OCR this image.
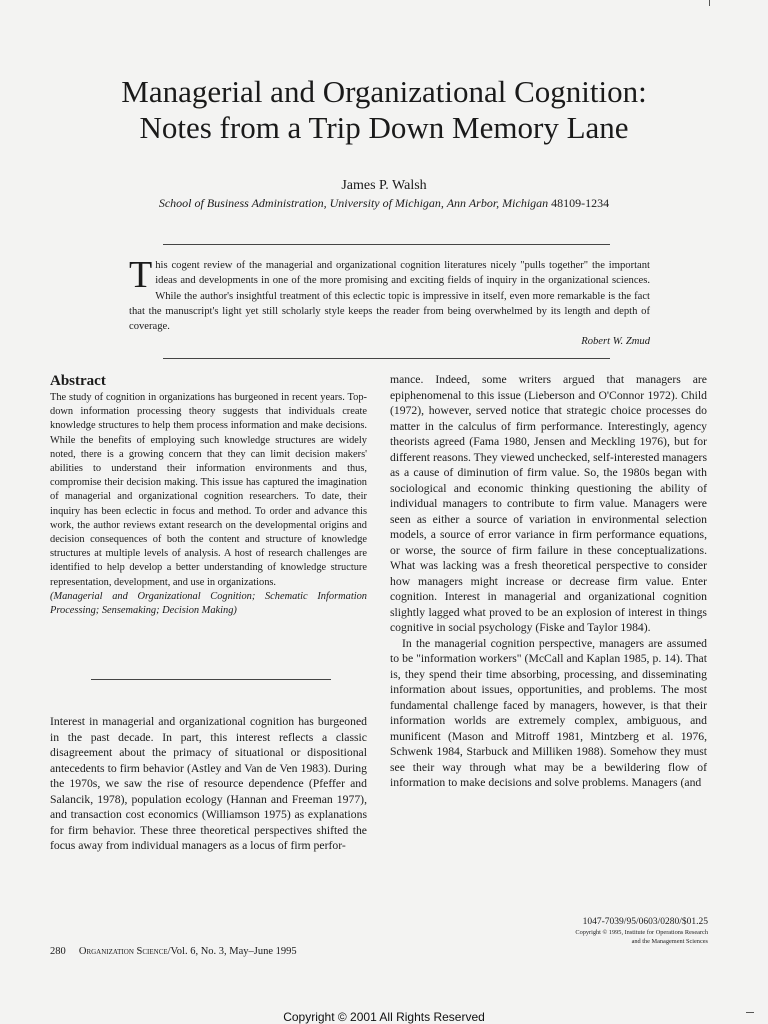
Managerial and Organizational Cognition:
Notes from a Trip Down Memory Lane
James P. Walsh
School of Business Administration, University of Michigan, Ann Arbor, Michigan 48109-1234
This cogent review of the managerial and organizational cognition literatures nicely "pulls together" the important ideas and developments in one of the more promising and exciting fields of inquiry in the organizational sciences. While the author's insightful treatment of this eclectic topic is impressive in itself, even more remarkable is the fact that the manuscript's light yet still scholarly style keeps the reader from being overwhelmed by its length and depth of coverage.
Robert W. Zmud
Abstract
The study of cognition in organizations has burgeoned in recent years. Top-down information processing theory suggests that individuals create knowledge structures to help them process information and make decisions. While the benefits of employing such knowledge structures are widely noted, there is a growing concern that they can limit decision makers' abilities to understand their information environments and thus, compromise their decision making. This issue has captured the imagination of managerial and organizational cognition researchers. To date, their inquiry has been eclectic in focus and method. To order and advance this work, the author reviews extant research on the developmental origins and decision consequences of both the content and structure of knowledge structures at multiple levels of analysis. A host of research challenges are identified to help develop a better understanding of knowledge structure representation, development, and use in organizations.
(Managerial and Organizational Cognition; Schematic Information Processing; Sensemaking; Decision Making)

Interest in managerial and organizational cognition has burgeoned in the past decade. In part, this interest reflects a classic disagreement about the primacy of situational or dispositional antecedents to firm behavior (Astley and Van de Ven 1983). During the 1970s, we saw the rise of resource dependence (Pfeffer and Salancik, 1978), population ecology (Hannan and Freeman 1977), and transaction cost economics (Williamson 1975) as explanations for firm behavior. These three theoretical perspectives shifted the focus away from individual managers as a locus of firm perfor-

mance. Indeed, some writers argued that managers are epiphenomenal to this issue (Lieberson and O'Connor 1972). Child (1972), however, served notice that strategic choice processes do matter in the calculus of firm performance. Interestingly, agency theorists agreed (Fama 1980, Jensen and Meckling 1976), but for different reasons. They viewed unchecked, self-interested managers as a cause of diminution of firm value. So, the 1980s began with sociological and economic thinking questioning the ability of individual managers to contribute to firm value. Managers were seen as either a source of variation in environmental selection models, a source of error variance in firm performance equations, or worse, the source of firm failure in these conceptualizations. What was lacking was a fresh theoretical perspective to consider how managers might increase or decrease firm value. Enter cognition. Interest in managerial and organizational cognition slightly lagged what proved to be an explosion of interest in things cognitive in social psychology (Fiske and Taylor 1984).

In the managerial cognition perspective, managers are assumed to be "information workers" (McCall and Kaplan 1985, p. 14). That is, they spend their time absorbing, processing, and disseminating information about issues, opportunities, and problems. The most fundamental challenge faced by managers, however, is that their information worlds are extremely complex, ambiguous, and munificent (Mason and Mitroff 1981, Mintzberg et al. 1976, Schwenk 1984, Starbuck and Milliken 1988). Somehow they must see their way through what may be a bewildering flow of information to make decisions and solve problems. Managers (and

1047-7039/95/0603/0280/$01.25
Copyright © 1995, Institute for Operations Research
and the Management Sciences
280 Organization Science/Vol. 6, No. 3, May–June 1995
Copyright © 2001 All Rights Reserved
